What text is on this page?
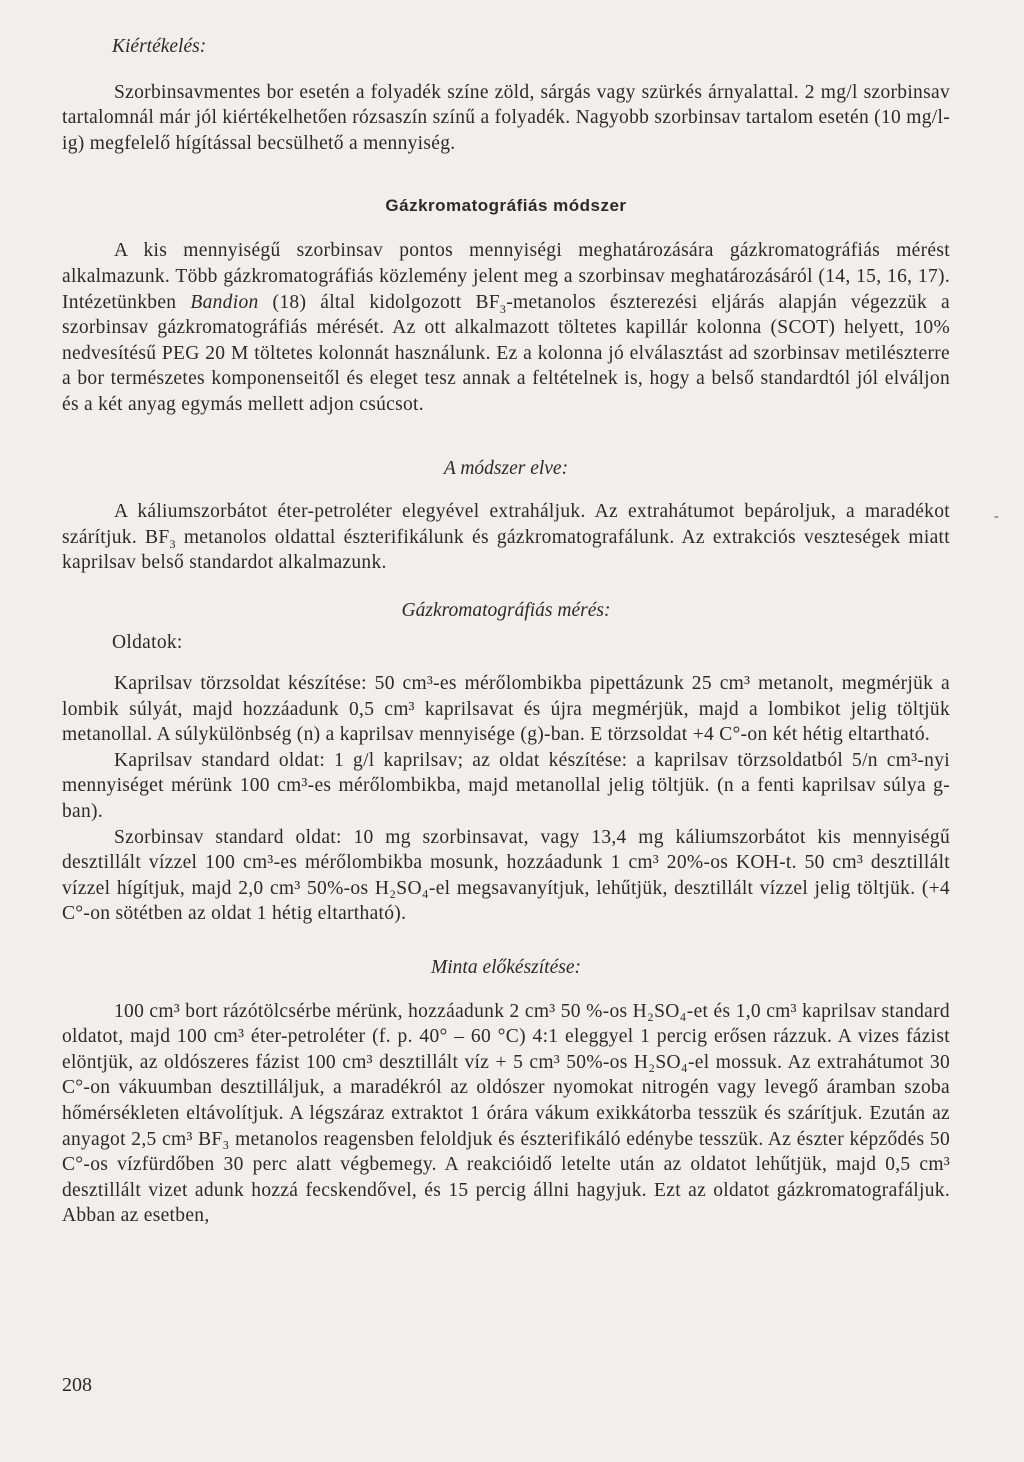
Kiértékelés:

Szorbinsavmentes bor esetén a folyadék színe zöld, sárgás vagy szürkés árnyalattal. 2 mg/l szorbinsav tartalomnál már jól kiértékelhetően rózsaszín színű a folyadék. Nagyobb szorbinsav tartalom esetén (10 mg/l-ig) megfelelő hígítással becsülhető a mennyiség.

Gázkromatográfiás módszer

A kis mennyiségű szorbinsav pontos mennyiségi meghatározására gázkromatográfiás mérést alkalmazunk. Több gázkromatográfiás közlemény jelent meg a szorbinsav meghatározásáról (14, 15, 16, 17). Intézetünkben Bandion (18) által kidolgozott $BF_3$-metanolos észterezési eljárás alapján végezzük a szorbinsav gázkromatográfiás mérését. Az ott alkalmazott töltetes kapillár kolonna (SCOT) helyett, 10% nedvesítésű PEG 20 M töltetes kolonnát használunk. Ez a kolonna jó elválasztást ad szorbinsav metilészterre a bor természetes komponenseitől és eleget tesz annak a feltételnek is, hogy a belső standardtól jól elváljon és a két anyag egymás mellett adjon csúcsot.

A módszer elve:

A káliumszorbátot éter-petroléter elegyével extraháljuk. Az extrahátumot bepároljuk, a maradékot szárítjuk. $BF_3$ metanolos oldattal észterifikálunk és gázkromatografálunk. Az extrakciós veszteségek miatt kaprilsav belső standardot alkalmazunk.

Gázkromatográfiás mérés:

Oldatok:

Kaprilsav törzsoldat készítése: 50 cm³-es mérőlombikba pipettázunk 25 cm³ metanolt, megmérjük a lombik súlyát, majd hozzáadunk 0,5 cm³ kaprilsavat és újra megmérjük, majd a lombikot jelig töltjük metanollal. A súlykülönbség (n) a kaprilsav mennyisége (g)-ban. E törzsoldat +4 C°-on két hétig eltartható.

Kaprilsav standard oldat: 1 g/l kaprilsav; az oldat készítése: a kaprilsav törzsoldatból 5/n cm³-nyi mennyiséget mérünk 100 cm³-es mérőlombikba, majd metanollal jelig töltjük. (n a fenti kaprilsav súlya g-ban).

Szorbinsav standard oldat: 10 mg szorbinsavat, vagy 13,4 mg káliumszorbátot kis mennyiségű desztillált vízzel 100 cm³-es mérőlombikba mosunk, hozzáadunk 1 cm³ 20%-os KOH-t. 50 cm³ desztillált vízzel hígítjuk, majd 2,0 cm³ 50%-os H₂SO₄-el megsavanyítjuk, lehűtjük, desztillált vízzel jelig töltjük. (+4 C°-on sötétben az oldat 1 hétig eltartható).

Minta előkészítése:

100 cm³ bort rázótölcsérbe mérünk, hozzáadunk 2 cm³ 50 %-os H₂SO₄-et és 1,0 cm³ kaprilsav standard oldatot, majd 100 cm³ éter-petroléter (f. p. 40° – 60 °C) 4:1 eleggyel 1 percig erősen rázzuk. A vizes fázist elöntjük, az oldószeres fázist 100 cm³ desztillált víz + 5 cm³ 50%-os H₂SO₄-el mossuk. Az extrahátumot 30 C°-on vákuumban desztilláljuk, a maradékról az oldószer nyomokat nitrogén vagy levegő áramban szoba hőmérsékleten eltávolítjuk. A légszáraz extraktot 1 órára vákum exikkátorba tesszük és szárítjuk. Ezután az anyagot 2,5 cm³ BF₃ metanolos reagensben feloldjuk és észterifikáló edénybe tesszük. Az észter képződés 50 C°-os vízfürdőben 30 perc alatt végbemegy. A reakcióidő letelte után az oldatot lehűtjük, majd 0,5 cm³ desztillált vizet adunk hozzá fecskendővel, és 15 percig állni hagyjuk. Ezt az oldatot gázkromatografáljuk. Abban az esetben,

-
208
